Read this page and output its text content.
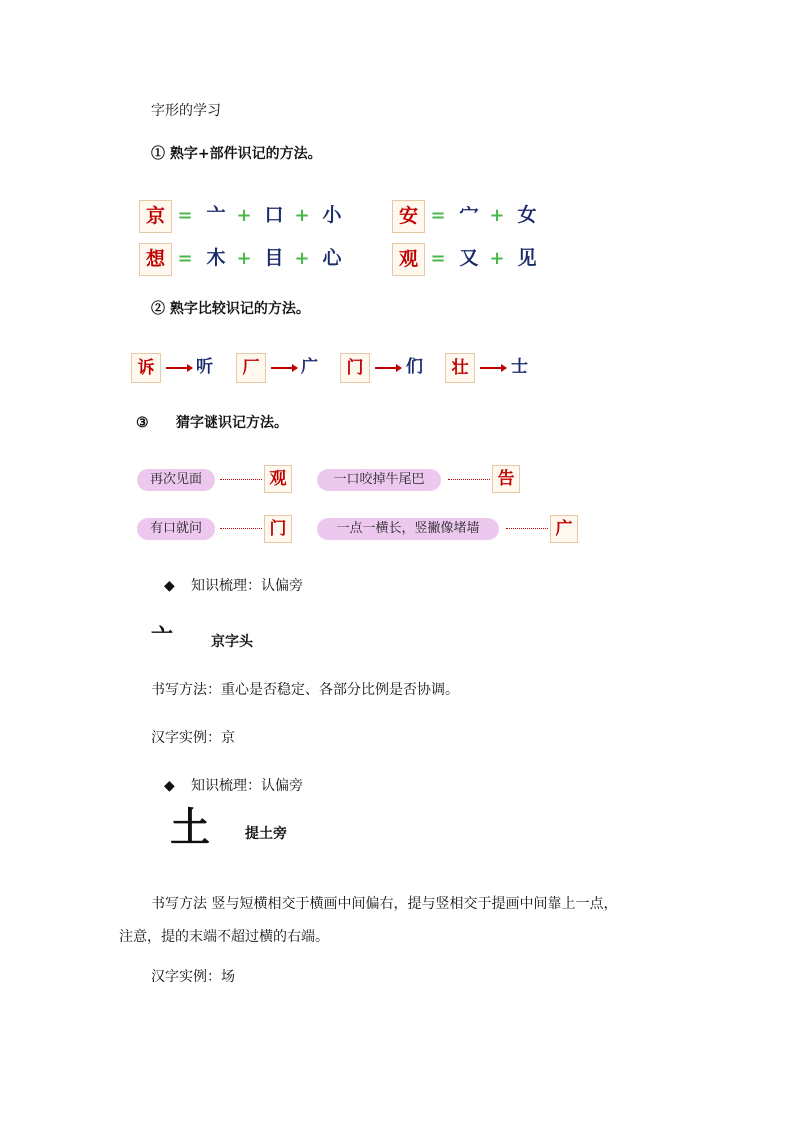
字形的学习
① 熟字+部件识记的方法。
京 = 亠 + 口 + 小	安 = 宀 + 女
想 = 木 + 目 + 心	观 = 又 + 见
② 熟字比较识记的方法。
诉	听	厂	广	门	们	壮	士
③ 猜字谜识记方法。
再次见面	观	一口咬掉牛尾巴	告
有口就问	门	一点一横长，竖撇像堵墙	广
◆ 知识梳理：认偏旁
亠	京字头
书写方法：重心是否稳定、各部分比例是否协调。
汉字实例：京
◆ 知识梳理：认偏旁
土	提土旁
书写方法 竖与短横相交于横画中间偏右，提与竖相交于提画中间靠上一点，
注意，提的末端不超过横的右端。
汉字实例：场
